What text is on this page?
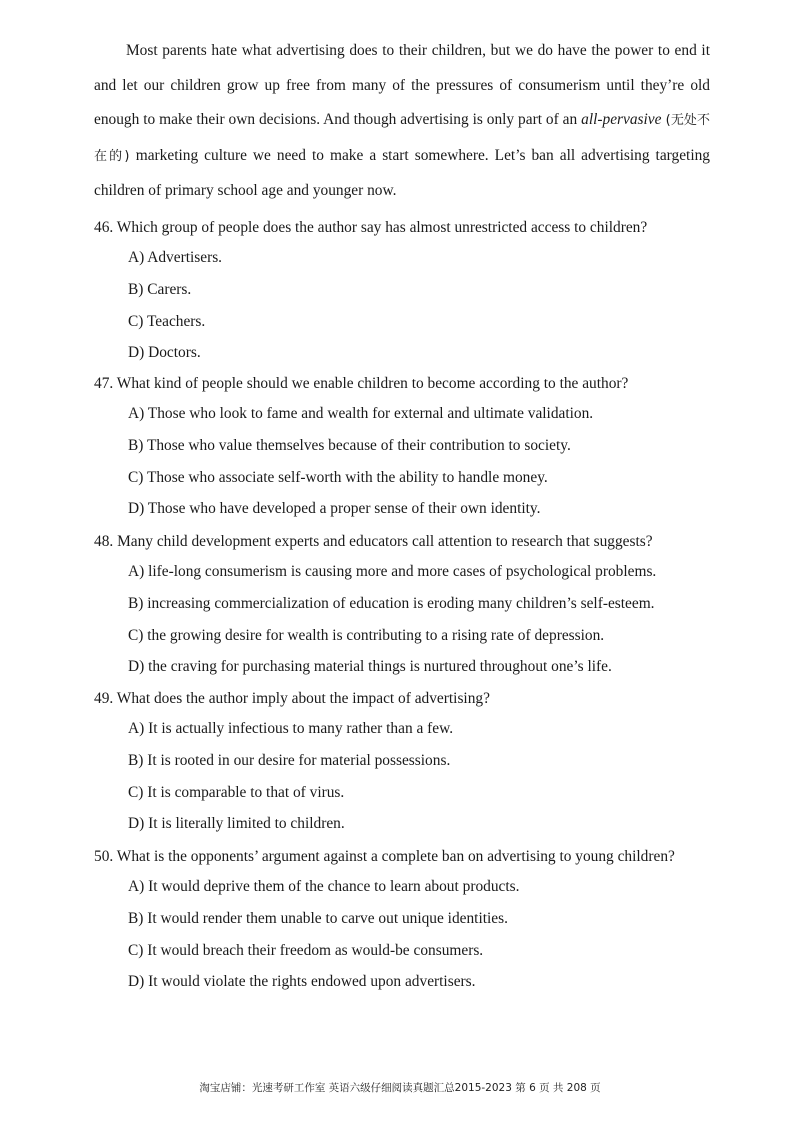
Most parents hate what advertising does to their children, but we do have the power to end it and let our children grow up free from many of the pressures of consumerism until they’re old enough to make their own decisions. And though advertising is only part of an all-pervasive (无处不在的) marketing culture we need to make a start somewhere. Let’s ban all advertising targeting children of primary school age and younger now.

46. Which group of people does the author say has almost unrestricted access to children?
A) Advertisers.
B) Carers.
C) Teachers.
D) Doctors.
47. What kind of people should we enable children to become according to the author?
A) Those who look to fame and wealth for external and ultimate validation.
B) Those who value themselves because of their contribution to society.
C) Those who associate self-worth with the ability to handle money.
D) Those who have developed a proper sense of their own identity.
48. Many child development experts and educators call attention to research that suggests?
A) life-long consumerism is causing more and more cases of psychological problems.
B) increasing commercialization of education is eroding many children’s self-esteem.
C) the growing desire for wealth is contributing to a rising rate of depression.
D) the craving for purchasing material things is nurtured throughout one’s life.
49. What does the author imply about the impact of advertising?
A) It is actually infectious to many rather than a few.
B) It is rooted in our desire for material possessions.
C) It is comparable to that of virus.
D) It is literally limited to children.
50. What is the opponents’ argument against a complete ban on advertising to young children?
A) It would deprive them of the chance to learn about products.
B) It would render them unable to carve out unique identities.
C) It would breach their freedom as would-be consumers.
D) It would violate the rights endowed upon advertisers.
淘宝店铺：光速考研工作室 英语六级仔细阅读真题汇总2015-2023 第 6 页 共 208 页
